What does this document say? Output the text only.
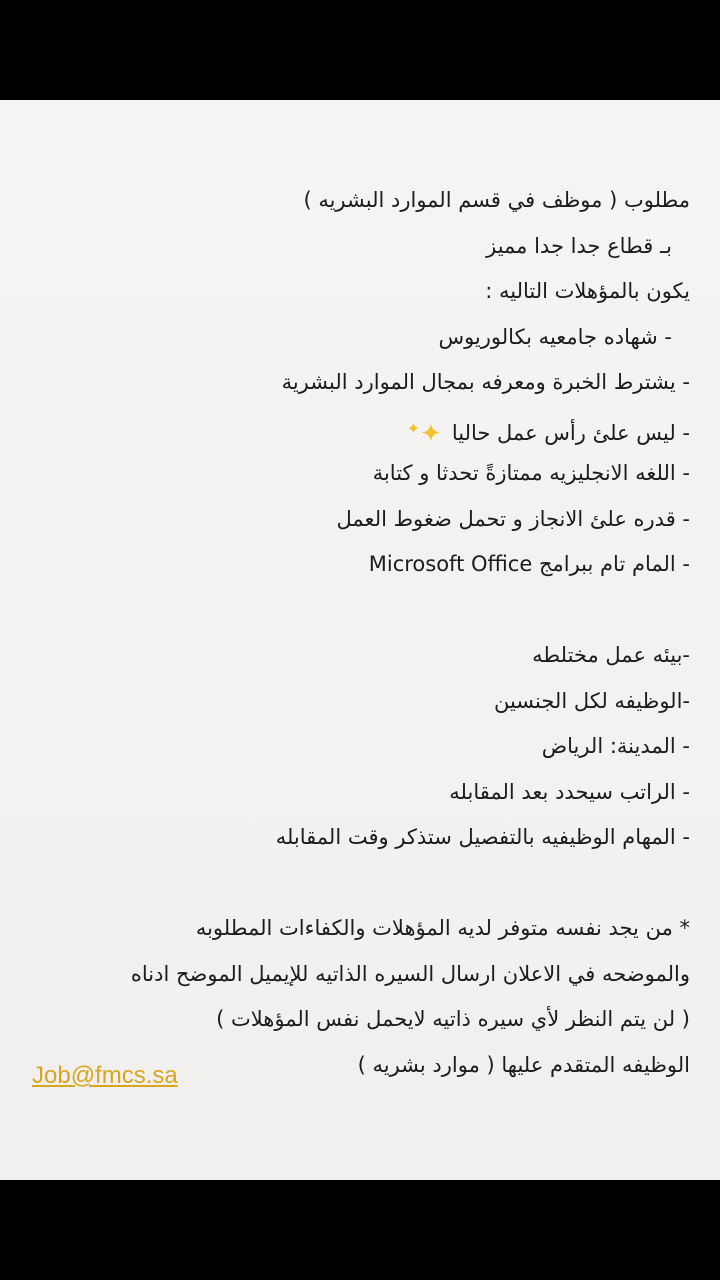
مطلوب ( موظف في قسم الموارد البشريه )
بـ قطاع جدا جدا مميز
يكون بالمؤهلات التاليه :
- شهاده جامعيه بكالوريوس
- يشترط الخبرة ومعرفه بمجال الموارد البشرية
- ليس علئ رأس عمل حاليا✦✦
- اللغه الانجليزيه ممتازةً تحدثا و كتابة
- قدره علئ الانجاز و تحمل ضغوط العمل
- المام تام ببرامج Microsoft Office
-بيئه عمل مختلطه
-الوظيفه لكل الجنسين
- المدينة: الرياض
- الراتب سيحدد بعد المقابله
- المهام الوظيفيه بالتفصيل ستذكر وقت المقابله
* من يجد نفسه متوفر لديه المؤهلات والكفاءات المطلوبه
والموضحه في الاعلان ارسال السيره الذاتيه للإيميل الموضح ادناه
( لن يتم النظر لأي سيره ذاتيه لايحمل نفس المؤهلات )
الوظيفه المتقدم عليها ( موارد بشريه )
Job@fmcs.sa
